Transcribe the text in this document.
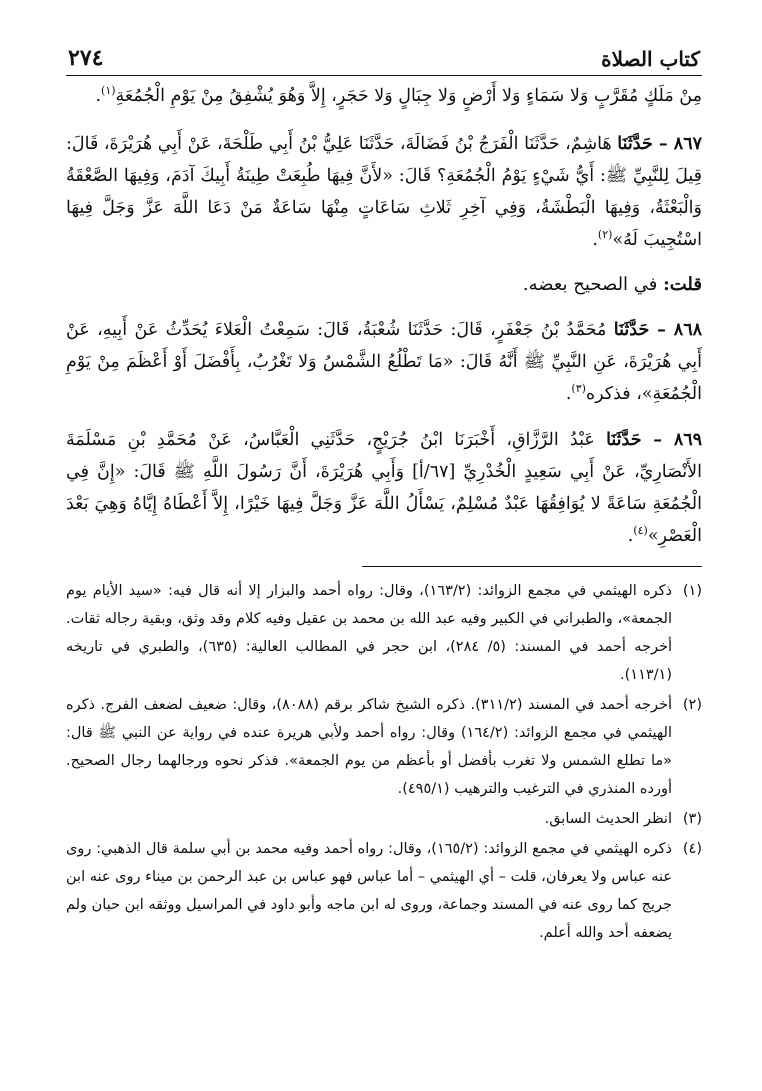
كتاب الصلاة
٢٧٤

مِنْ مَلَكٍ مُقَرَّبٍ وَلا سَمَاءٍ وَلا أَرْضٍ وَلا جِبَالٍ وَلا حَجَرٍ، إِلاَّ وَهُوَ يُشْفِقُ مِنْ يَوْمِ الْجُمُعَةِ$^{(١)}$.

٨٦٧ – حَدَّثَنَا هَاشِمٌ، حَدَّثَنَا الْفَرَجُ بْنُ فَضَالَةَ، حَدَّثَنَا عَلِيُّ بْنُ أَبِي طَلْحَةَ، عَنْ أَبِي هُرَيْرَةَ، قَالَ: قِيلَ لِلنَّبِيِّ ﷺ: أَيُّ شَيْءٍ يَوْمُ الْجُمُعَةِ؟ قَالَ: «لأَنَّ فِيهَا طُبِعَتْ طِينَةُ أَبِيكَ آدَمَ، وَفِيهَا الصَّعْقَةُ وَالْبَعْثَةُ، وَفِيهَا الْبَطْشَةُ، وَفِي آخِرِ ثَلاثِ سَاعَاتٍ مِنْهَا سَاعَةٌ مَنْ دَعَا اللَّهَ عَزَّ وَجَلَّ فِيهَا اسْتُجِيبَ لَهُ»$^{(٢)}$.

قلت: في الصحيح بعضه.

٨٦٨ – حَدَّثَنَا مُحَمَّدُ بْنُ جَعْفَرٍ، قَالَ: حَدَّثَنَا شُعْبَةُ، قَالَ: سَمِعْتُ الْعَلاءَ يُحَدِّثُ عَنْ أَبِيهِ، عَنْ أَبِي هُرَيْرَةَ، عَنِ النَّبِيِّ ﷺ أَنَّهُ قَالَ: «مَا تَطْلُعُ الشَّمْسُ وَلا تَغْرُبُ، بِأَفْضَلَ أَوْ أَعْظَمَ مِنْ يَوْمِ الْجُمُعَةِ»، فذكره$^{(٣)}$.

٨٦٩ – حَدَّثَنَا عَبْدُ الرَّزَّاقِ، أَخْبَرَنَا ابْنُ جُرَيْجٍ، حَدَّثَنِي الْعَبَّاسُ، عَنْ مُحَمَّدِ بْنِ مَسْلَمَةَ الأَنْصَارِيِّ، عَنْ أَبِي سَعِيدٍ الْخُدْرِيِّ [٦٧/أ] وَأَبِي هُرَيْرَةَ، أَنَّ رَسُولَ اللَّهِ ﷺ قَالَ: «إِنَّ فِي الْجُمُعَةِ سَاعَةً لا يُوَافِقُهَا عَبْدٌ مُسْلِمٌ، يَسْأَلُ اللَّهَ عَزَّ وَجَلَّ فِيهَا خَيْرًا، إِلاَّ أَعْطَاهُ إِيَّاهُ وَهِيَ بَعْدَ الْعَصْرِ»$^{(٤)}$.

(١)
ذكره الهيثمي في مجمع الزوائد: (١٦٣/٢)، وقال: رواه أحمد والبزار إلا أنه قال فيه: «سيد الأيام يوم الجمعة»، والطبراني في الكبير وفيه عبد الله بن محمد بن عقيل وفيه كلام وقد وثق، وبقية رجاله ثقات. أخرجه أحمد في المسند: (٥/ ٢٨٤)، ابن حجر في المطالب العالية: (٦٣٥)، والطبري في تاريخه (١١٣/١).

(٢)
أخرجه أحمد في المسند (٣١١/٢). ذكره الشيخ شاكر برقم (٨٠٨٨)، وقال: ضعيف لضعف الفرج. ذكره الهيثمي في مجمع الزوائد: (١٦٤/٢) وقال: رواه أحمد ولأبي هريرة عنده في رواية عن النبي ﷺ قال: «ما تطلع الشمس ولا تغرب بأفضل أو بأعظم من يوم الجمعة». فذكر نحوه ورجالهما رجال الصحيح. أورده المنذري في الترغيب والترهيب (٤٩٥/١).

(٣)
انظر الحديث السابق.

(٤)
ذكره الهيثمي في مجمع الزوائد: (١٦٥/٢)، وقال: رواه أحمد وفيه محمد بن أبي سلمة قال الذهبي: روى عنه عباس ولا يعرفان، قلت – أي الهيثمي – أما عباس فهو عباس بن عبد الرحمن بن ميناء روى عنه ابن جريج كما روى عنه في المسند وجماعة، وروى له ابن ماجه وأبو داود في المراسيل ووثقه ابن حبان ولم يضعفه أحد والله أعلم.
